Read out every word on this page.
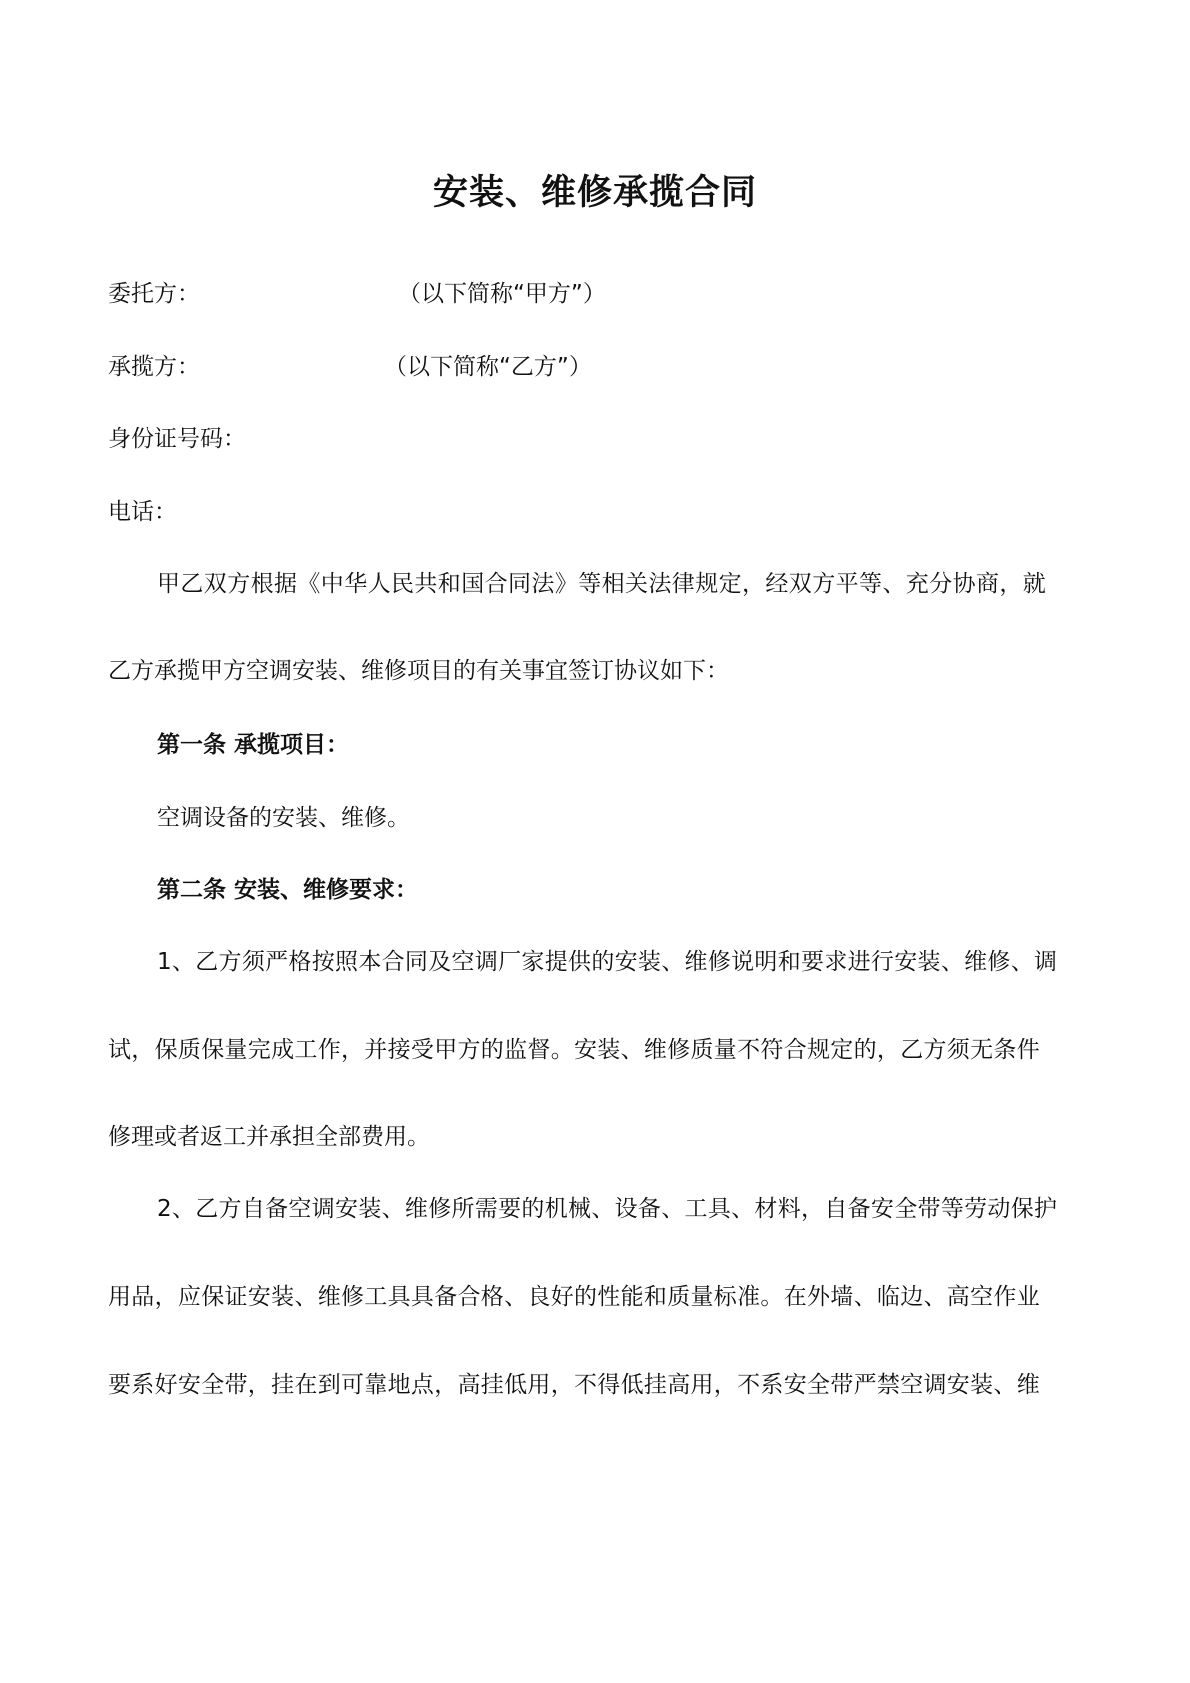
安装、维修承揽合同
委托方：	（以下简称“甲方”）
承揽方：	（以下简称“乙方”）
身份证号码：
电话：
甲乙双方根据《中华人民共和国合同法》等相关法律规定，经双方平等、充分协商，就
乙方承揽甲方空调安装、维修项目的有关事宜签订协议如下：
第一条 承揽项目：
空调设备的安装、维修。
第二条 安装、维修要求：
1、乙方须严格按照本合同及空调厂家提供的安装、维修说明和要求进行安装、维修、调
试，保质保量完成工作，并接受甲方的监督。安装、维修质量不符合规定的，乙方须无条件
修理或者返工并承担全部费用。
2、乙方自备空调安装、维修所需要的机械、设备、工具、材料，自备安全带等劳动保护
用品，应保证安装、维修工具具备合格、良好的性能和质量标准。在外墙、临边、高空作业
要系好安全带，挂在到可靠地点，高挂低用，不得低挂高用，不系安全带严禁空调安装、维
